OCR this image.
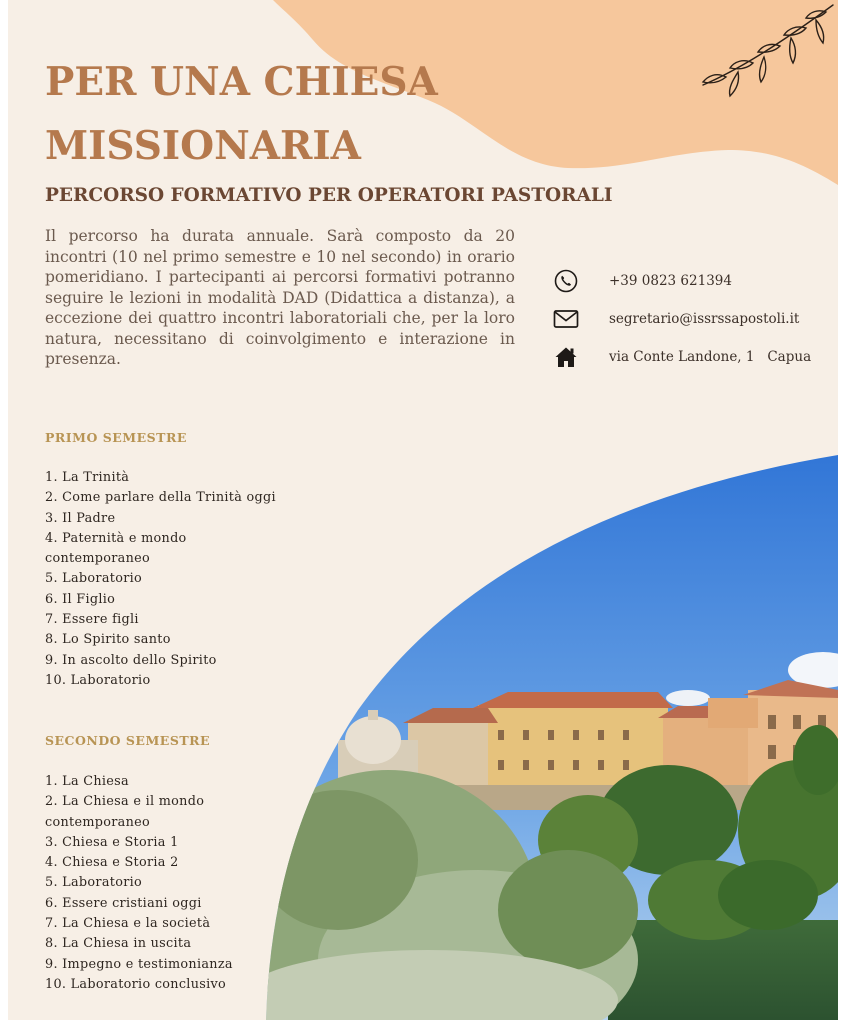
PER UNA CHIESA
MISSIONARIA
PERCORSO FORMATIVO PER OPERATORI PASTORALI

Il percorso ha durata annuale. Sarà composto da 20 incontri (10 nel primo semestre e 10 nel secondo) in orario pomeridiano. I partecipanti ai percorsi formativi potranno seguire le lezioni in modalità DAD (Didattica a distanza), a eccezione dei quattro incontri laboratoriali che, per la loro natura, necessitano di coinvolgimento e interazione in presenza.

+39 0823 621394
segretario@issrssapostoli.it
via Conte Landone, 1   Capua
PRIMO SEMESTRE
1. La Trinità
2. Come parlare della Trinità oggi
3. Il Padre
4. Paternità e mondo contemporaneo
5. Laboratorio
6. Il Figlio
7. Essere figli
8. Lo Spirito santo
9. In ascolto dello Spirito
10. Laboratorio
SECONDO SEMESTRE
1. La Chiesa
2. La Chiesa e il mondo contemporaneo
3. Chiesa e Storia 1
4. Chiesa e Storia 2
5. Laboratorio
6. Essere cristiani oggi
7. La Chiesa e la società
8. La Chiesa in uscita
9. Impegno e testimonianza
10. Laboratorio conclusivo
